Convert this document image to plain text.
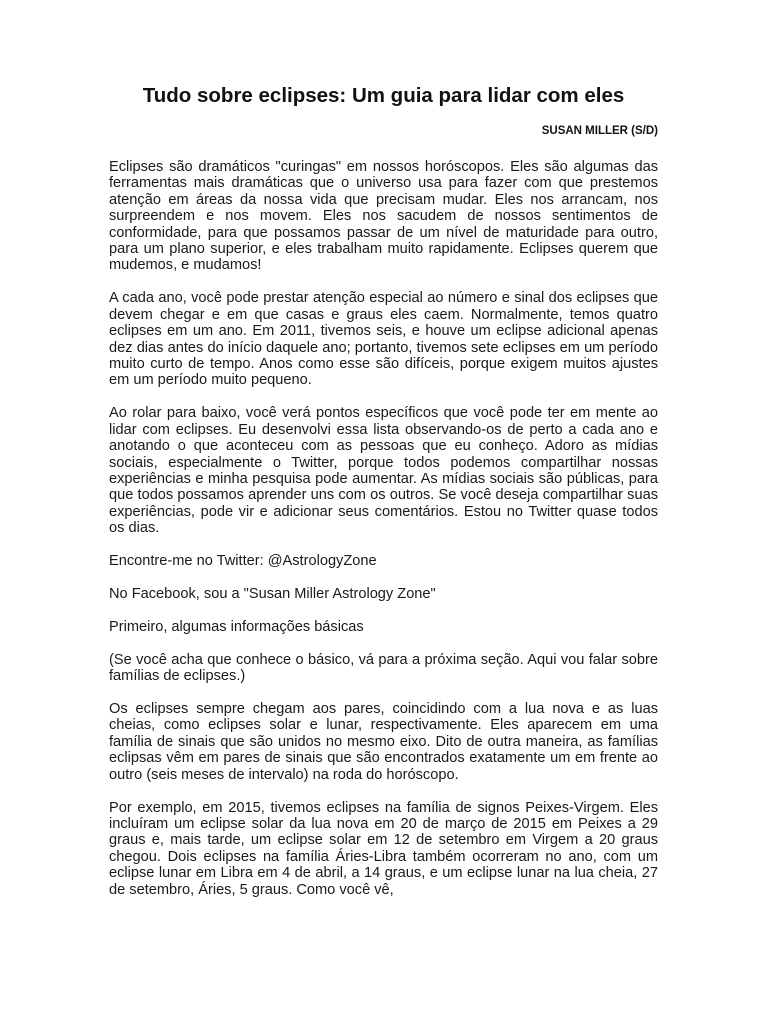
Tudo sobre eclipses: Um guia para lidar com eles
SUSAN MILLER (S/D)

Eclipses são dramáticos "curingas" em nossos horóscopos. Eles são algumas das ferramentas mais dramáticas que o universo usa para fazer com que prestemos atenção em áreas da nossa vida que precisam mudar. Eles nos arrancam, nos surpreendem e nos movem. Eles nos sacudem de nossos sentimentos de conformidade, para que possamos passar de um nível de maturidade para outro, para um plano superior, e eles trabalham muito rapidamente. Eclipses querem que mudemos, e mudamos!

A cada ano, você pode prestar atenção especial ao número e sinal dos eclipses que devem chegar e em que casas e graus eles caem. Normalmente, temos quatro eclipses em um ano. Em 2011, tivemos seis, e houve um eclipse adicional apenas dez dias antes do início daquele ano; portanto, tivemos sete eclipses em um período muito curto de tempo. Anos como esse são difíceis, porque exigem muitos ajustes em um período muito pequeno.

Ao rolar para baixo, você verá pontos específicos que você pode ter em mente ao lidar com eclipses. Eu desenvolvi essa lista observando-os de perto a cada ano e anotando o que aconteceu com as pessoas que eu conheço. Adoro as mídias sociais, especialmente o Twitter, porque todos podemos compartilhar nossas experiências e minha pesquisa pode aumentar. As mídias sociais são públicas, para que todos possamos aprender uns com os outros. Se você deseja compartilhar suas experiências, pode vir e adicionar seus comentários. Estou no Twitter quase todos os dias.

Encontre-me no Twitter: @AstrologyZone

No Facebook, sou a "Susan Miller Astrology Zone"

Primeiro, algumas informações básicas

(Se você acha que conhece o básico, vá para a próxima seção. Aqui vou falar sobre famílias de eclipses.)

Os eclipses sempre chegam aos pares, coincidindo com a lua nova e as luas cheias, como eclipses solar e lunar, respectivamente. Eles aparecem em uma família de sinais que são unidos no mesmo eixo. Dito de outra maneira, as famílias eclipsas vêm em pares de sinais que são encontrados exatamente um em frente ao outro (seis meses de intervalo) na roda do horóscopo.

Por exemplo, em 2015, tivemos eclipses na família de signos Peixes-Virgem. Eles incluíram um eclipse solar da lua nova em 20 de março de 2015 em Peixes a 29 graus e, mais tarde, um eclipse solar em 12 de setembro em Virgem a 20 graus chegou. Dois eclipses na família Áries-Libra também ocorreram no ano, com um eclipse lunar em Libra em 4 de abril, a 14 graus, e um eclipse lunar na lua cheia, 27 de setembro, Áries, 5 graus. Como você vê,
